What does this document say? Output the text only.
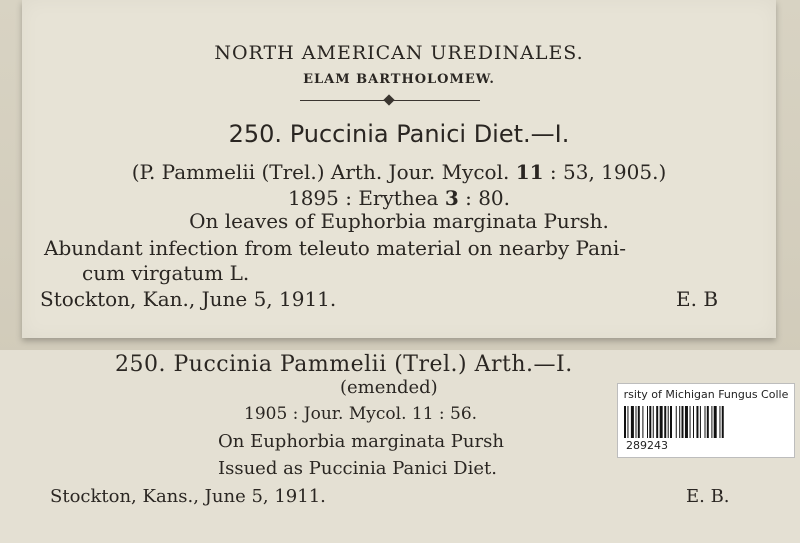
NORTH AMERICAN UREDINALES.
ELAM BARTHOLOMEW.
250. Puccinia Panici Diet.—I.
(P. Pammelii (Trel.) Arth. Jour. Mycol. 11 : 53, 1905.)
1895 : Erythea 3 : 80.
On leaves of Euphorbia marginata Pursh.
Abundant infection from teleuto material on nearby Pani-
cum virgatum L.
Stockton, Kan., June 5, 1911.	E. B
250. Puccinia Pammelii (Trel.) Arth.—I.
(emended)
1905 : Jour. Mycol. 11 : 56.
On Euphorbia marginata Pursh
Issued as Puccinia Panici Diet.
Stockton, Kans., June 5, 1911.	E. B.
rsity of Michigan Fungus Colle
289243
